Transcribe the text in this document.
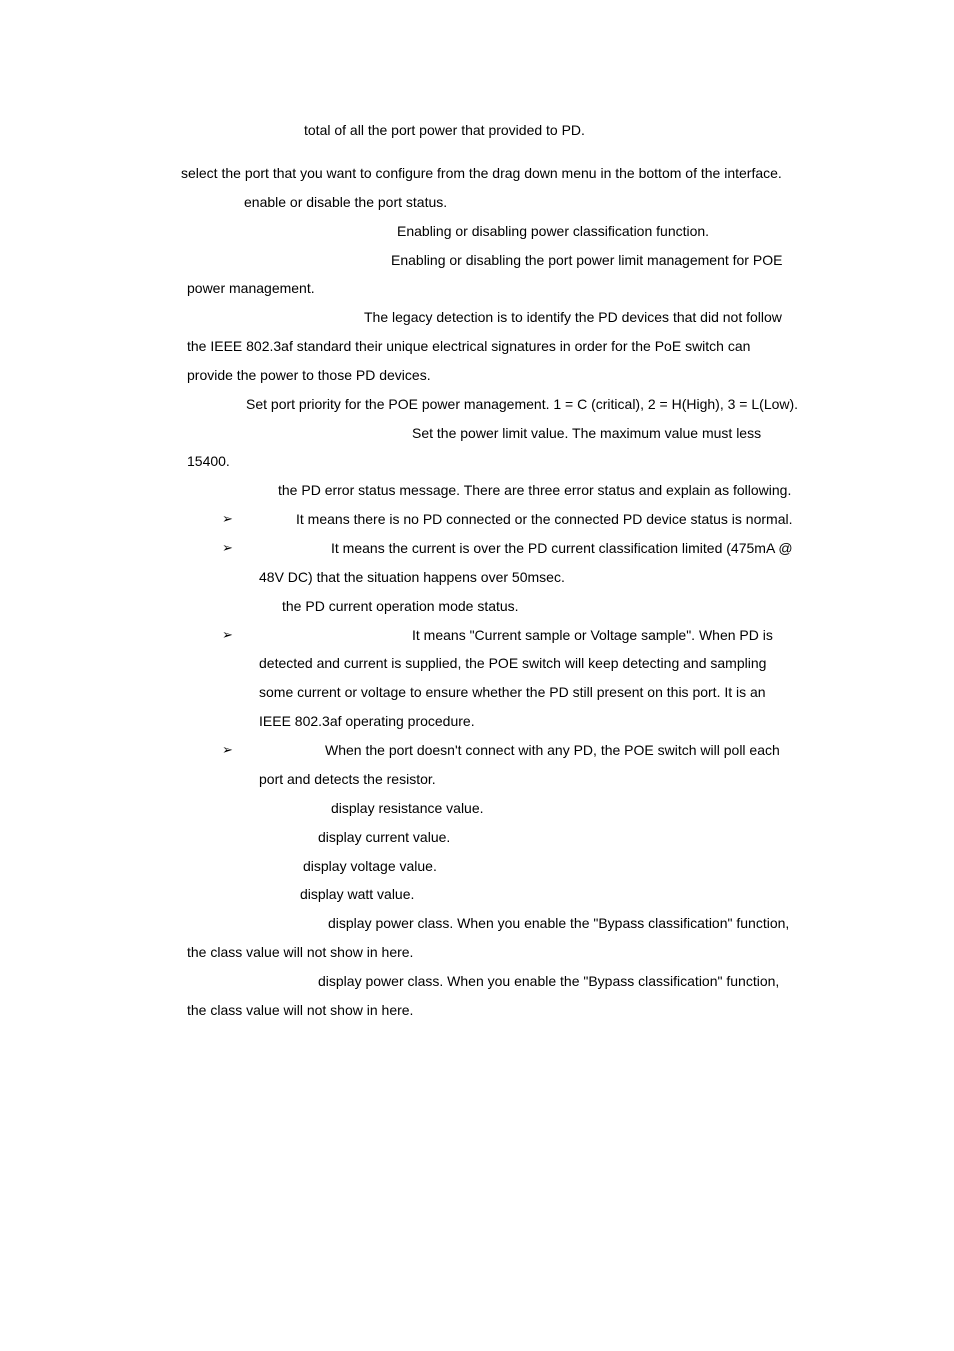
total of all the port power that provided to PD.

select the port that you want to configure from the drag down menu in the bottom of the interface.

enable or disable the port status.

Enabling or disabling power classification function.

Enabling or disabling the port power limit management for POE

power management.

The legacy detection is to identify the PD devices that did not follow

the IEEE 802.3af standard their unique electrical signatures in order for the PoE switch can

provide the power to those PD devices.

Set port priority for the POE power management. 1 = C (critical), 2 = H(High), 3 = L(Low).

Set the power limit value. The maximum value must less

15400.

the PD error status message. There are three error status and explain as following.

➢	It means there is no PD connected or the connected PD device status is normal.

➢	It means the current is over the PD current classification limited (475mA @

48V DC) that the situation happens over 50msec.

the PD current operation mode status.

➢	It means "Current sample or Voltage sample". When PD is

detected and current is supplied, the POE switch will keep detecting and sampling

some current or voltage to ensure whether the PD still present on this port. It is an

IEEE 802.3af operating procedure.

➢	When the port doesn't connect with any PD, the POE switch will poll each

port and detects the resistor.

display resistance value.

display current value.

display voltage value.

display watt value.

display power class. When you enable the "Bypass classification" function,

the class value will not show in here.

display power class. When you enable the "Bypass classification" function,

the class value will not show in here.
